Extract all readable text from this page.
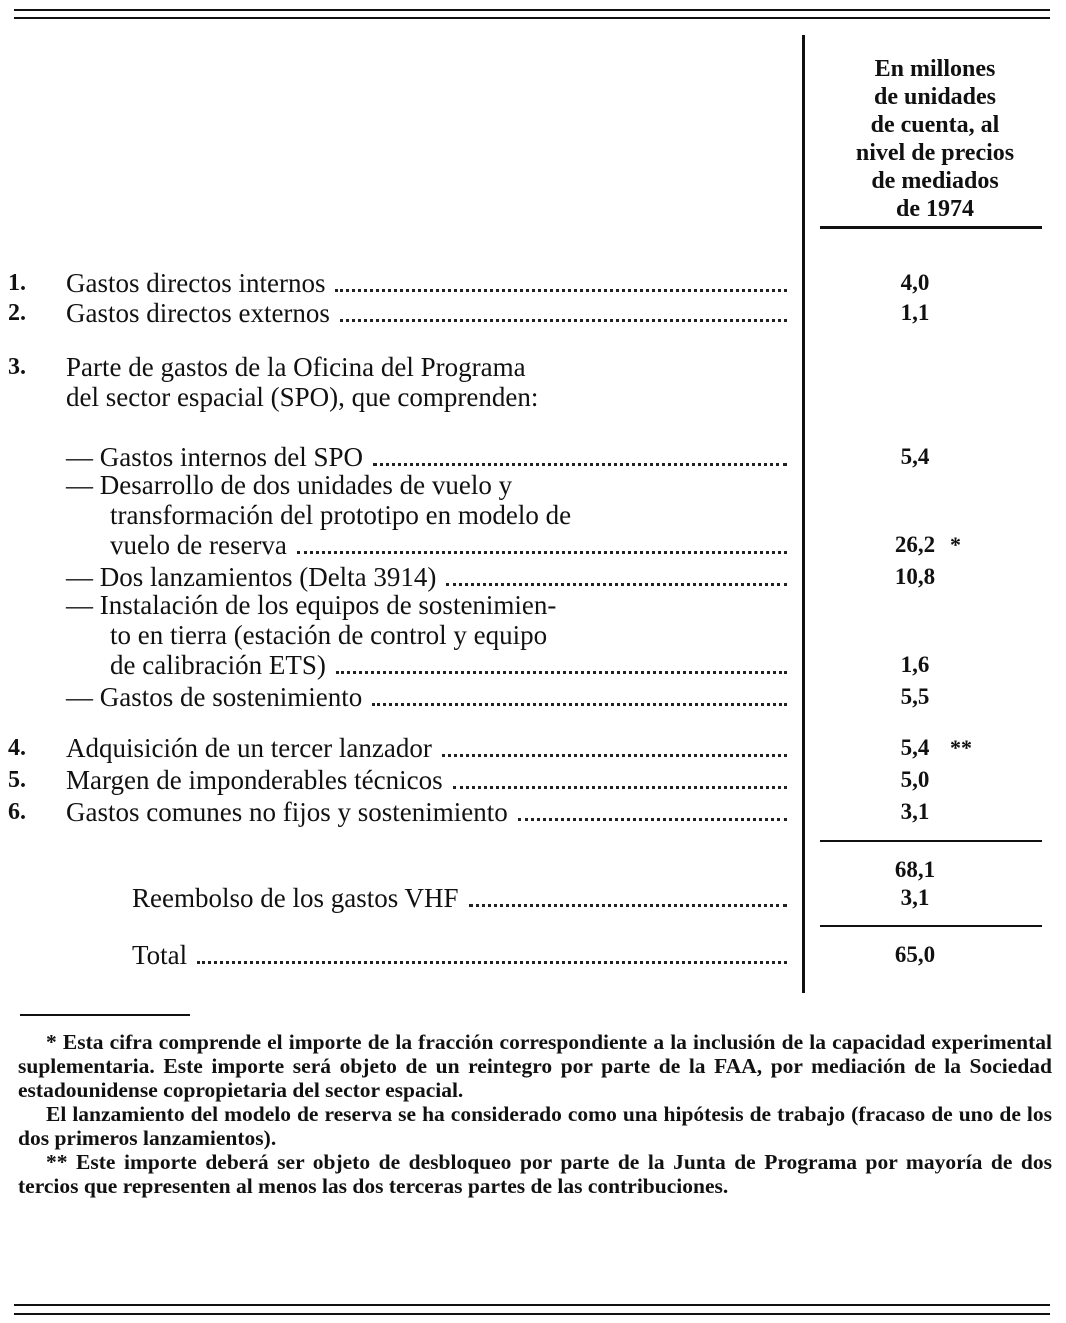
En millones
de unidades
de cuenta, al
nivel de precios
de mediados
de 1974
1. Gastos directos internos	4,0
2. Gastos directos externos	1,1
3. Parte de gastos de la Oficina del Programa
del sector espacial (SPO), que comprenden:
— Gastos internos del SPO	5,4
— Desarrollo de dos unidades de vuelo y
transformación del prototipo en modelo de
vuelo de reserva	26,2 *
— Dos lanzamientos (Delta 3914)	10,8
— Instalación de los equipos de sostenimien-
to en tierra (estación de control y equipo
de calibración ETS)	1,6
— Gastos de sostenimiento	5,5
4. Adquisición de un tercer lanzador	5,4 **
5. Margen de imponderables técnicos	5,0
6. Gastos comunes no fijos y sostenimiento	3,1
68,1
Reembolso de los gastos VHF	3,1
Total	65,0

* Esta cifra comprende el importe de la fracción correspondiente a la inclusión de la capacidad experimental suplementaria. Este importe será objeto de un reintegro por parte de la FAA, por mediación de la Sociedad estadounidense copropietaria del sector espacial.

El lanzamiento del modelo de reserva se ha considerado como una hipótesis de trabajo (fracaso de uno de los dos primeros lanzamientos).

** Este importe deberá ser objeto de desbloqueo por parte de la Junta de Programa por mayoría de dos tercios que representen al menos las dos terceras partes de las contribuciones.
